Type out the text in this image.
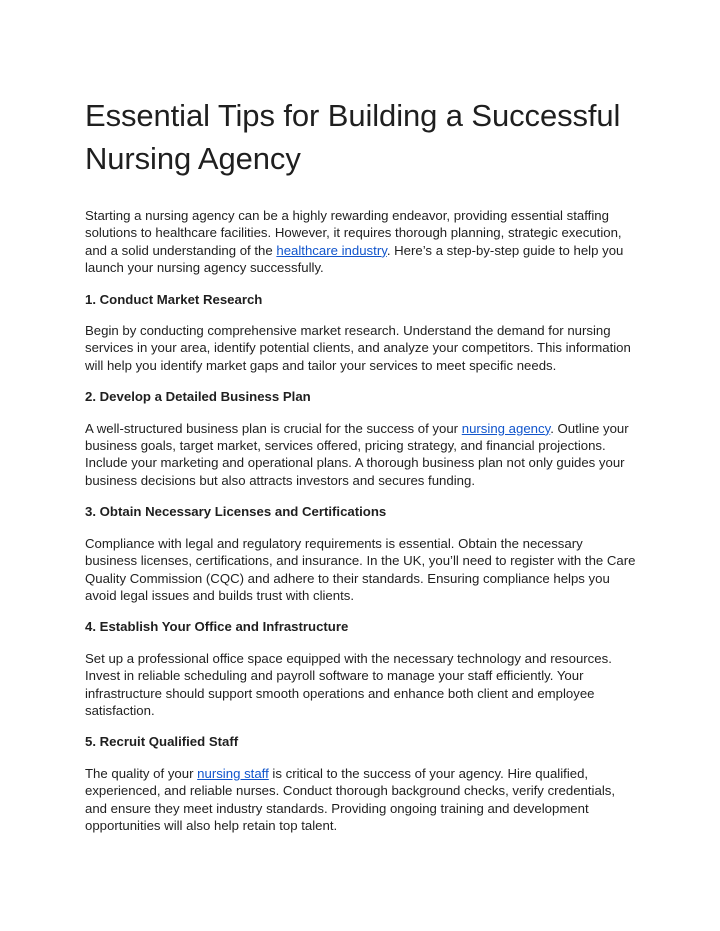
Essential Tips for Building a Successful Nursing Agency

Starting a nursing agency can be a highly rewarding endeavor, providing essential staffing solutions to healthcare facilities. However, it requires thorough planning, strategic execution, and a solid understanding of the healthcare industry. Here’s a step-by-step guide to help you launch your nursing agency successfully.

1. Conduct Market Research

Begin by conducting comprehensive market research. Understand the demand for nursing services in your area, identify potential clients, and analyze your competitors. This information will help you identify market gaps and tailor your services to meet specific needs.

2. Develop a Detailed Business Plan

A well-structured business plan is crucial for the success of your nursing agency. Outline your business goals, target market, services offered, pricing strategy, and financial projections. Include your marketing and operational plans. A thorough business plan not only guides your business decisions but also attracts investors and secures funding.

3. Obtain Necessary Licenses and Certifications

Compliance with legal and regulatory requirements is essential. Obtain the necessary business licenses, certifications, and insurance. In the UK, you’ll need to register with the Care Quality Commission (CQC) and adhere to their standards. Ensuring compliance helps you avoid legal issues and builds trust with clients.

4. Establish Your Office and Infrastructure

Set up a professional office space equipped with the necessary technology and resources. Invest in reliable scheduling and payroll software to manage your staff efficiently. Your infrastructure should support smooth operations and enhance both client and employee satisfaction.

5. Recruit Qualified Staff

The quality of your nursing staff is critical to the success of your agency. Hire qualified, experienced, and reliable nurses. Conduct thorough background checks, verify credentials, and ensure they meet industry standards. Providing ongoing training and development opportunities will also help retain top talent.
